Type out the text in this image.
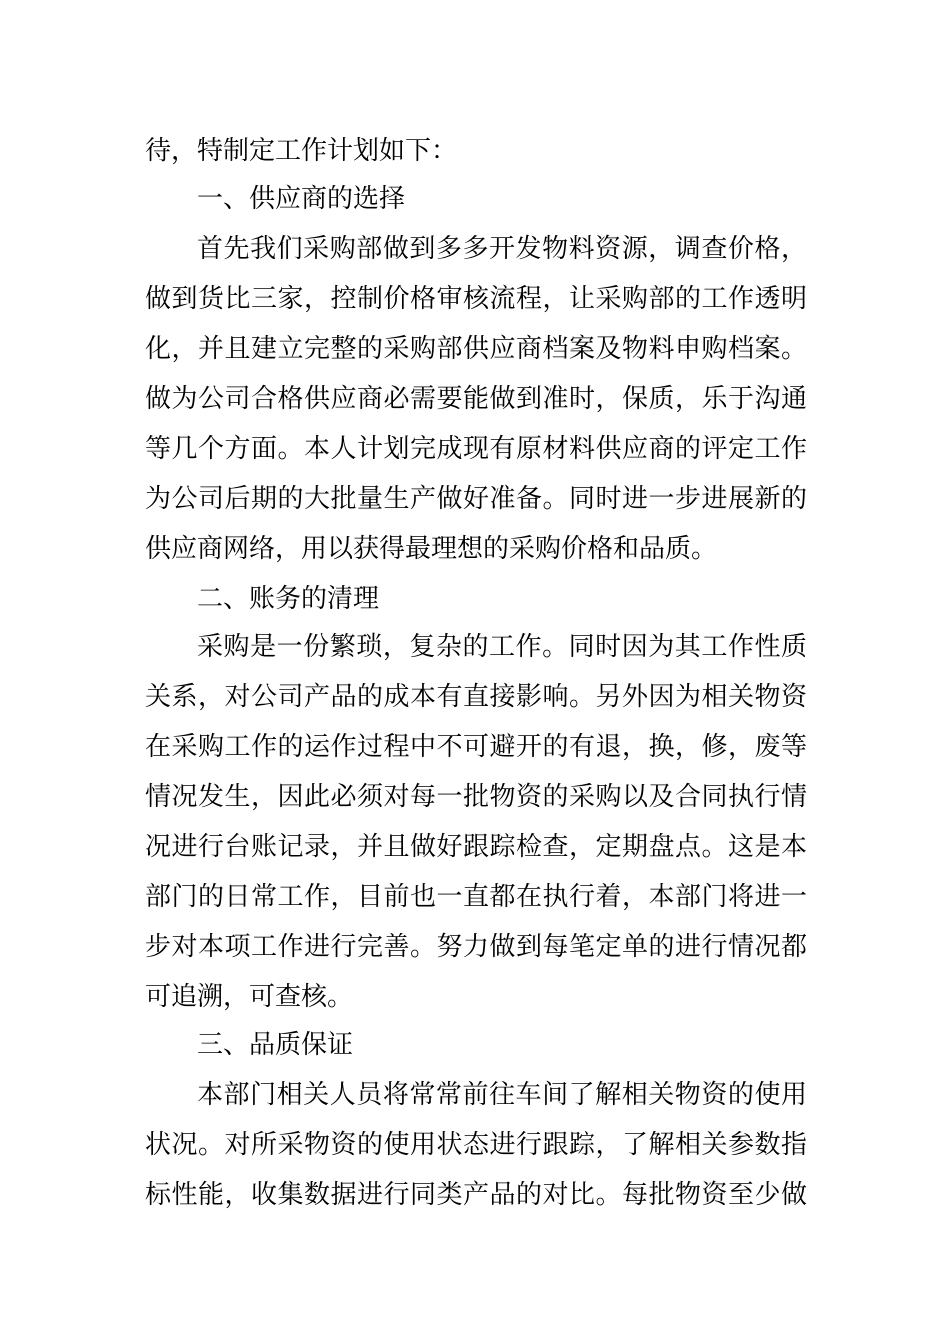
待，特制定工作计划如下：
一、供应商的选择
首先我们采购部做到多多开发物料资源，调查价格，
做到货比三家，控制价格审核流程，让采购部的工作透明
化，并且建立完整的采购部供应商档案及物料申购档案。
做为公司合格供应商必需要能做到准时，保质，乐于沟通
等几个方面。本人计划完成现有原材料供应商的评定工作
为公司后期的大批量生产做好准备。同时进一步进展新的
供应商网络，用以获得最理想的采购价格和品质。
二、账务的清理
采购是一份繁琐，复杂的工作。同时因为其工作性质
关系，对公司产品的成本有直接影响。另外因为相关物资
在采购工作的运作过程中不可避开的有退，换，修，废等
情况发生，因此必须对每一批物资的采购以及合同执行情
况进行台账记录，并且做好跟踪检查，定期盘点。这是本
部门的日常工作，目前也一直都在执行着，本部门将进一
步对本项工作进行完善。努力做到每笔定单的进行情况都
可追溯，可查核。
三、品质保证
本部门相关人员将常常前往车间了解相关物资的使用
状况。对所采物资的使用状态进行跟踪，了解相关参数指
标性能，收集数据进行同类产品的对比。每批物资至少做
